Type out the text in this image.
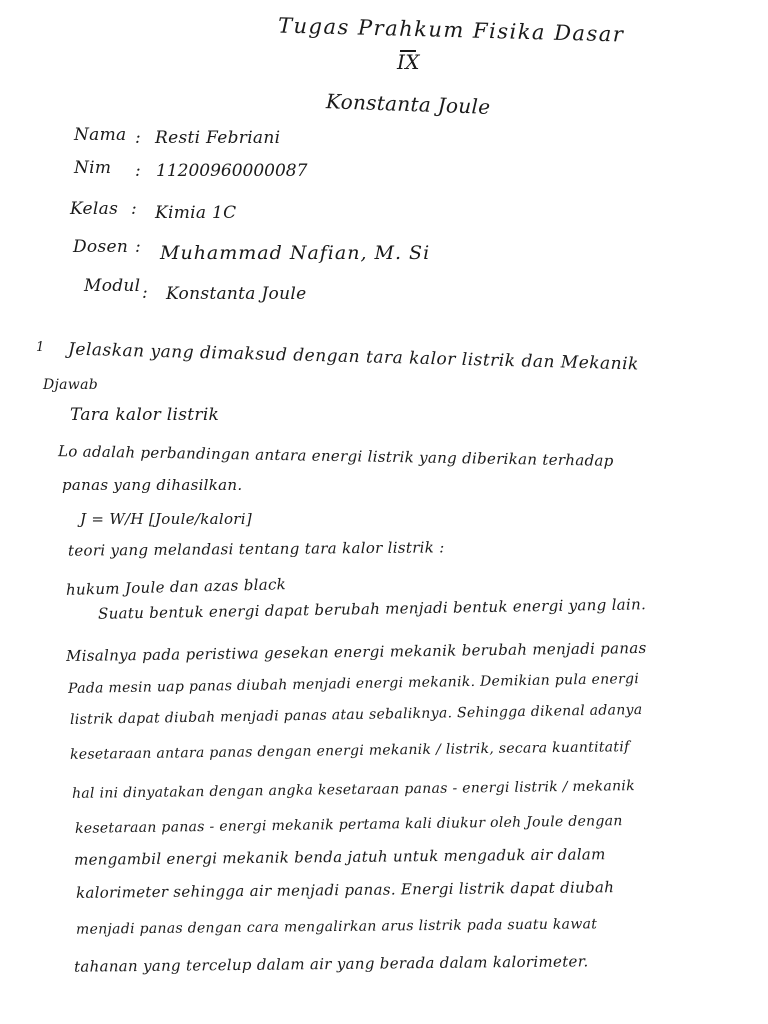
Tugas Prahkum Fisika Dasar
IX
Konstanta Joule
Nama : Resti Febriani
Nim : 11200960000087
Kelas : Kimia 1C
Dosen : Muhammad Nafian, M. Si
Modul : Konstanta Joule
1 Jelaskan yang dimaksud dengan tara kalor listrik dan Mekanik
Djawab
Tara kalor listrik
Lo adalah perbandingan antara energi listrik yang diberikan terhadap
panas yang dihasilkan.
J = W/H [Joule/kalori]
teori yang melandasi tentang tara kalor listrik :
hukum Joule dan azas black
Suatu bentuk energi dapat berubah menjadi bentuk energi yang lain.
Misalnya pada peristiwa gesekan energi mekanik berubah menjadi panas
Pada mesin uap panas diubah menjadi energi mekanik. Demikian pula energi
listrik dapat diubah menjadi panas atau sebaliknya. Sehingga dikenal adanya
kesetaraan antara panas dengan energi mekanik / listrik, secara kuantitatif
hal ini dinyatakan dengan angka kesetaraan panas - energi listrik / mekanik
kesetaraan panas - energi mekanik pertama kali diukur oleh Joule dengan
mengambil energi mekanik benda jatuh untuk mengaduk air dalam
kalorimeter sehingga air menjadi panas. Energi listrik dapat diubah
menjadi panas dengan cara mengalirkan arus listrik pada suatu kawat
tahanan yang tercelup dalam air yang berada dalam kalorimeter.
